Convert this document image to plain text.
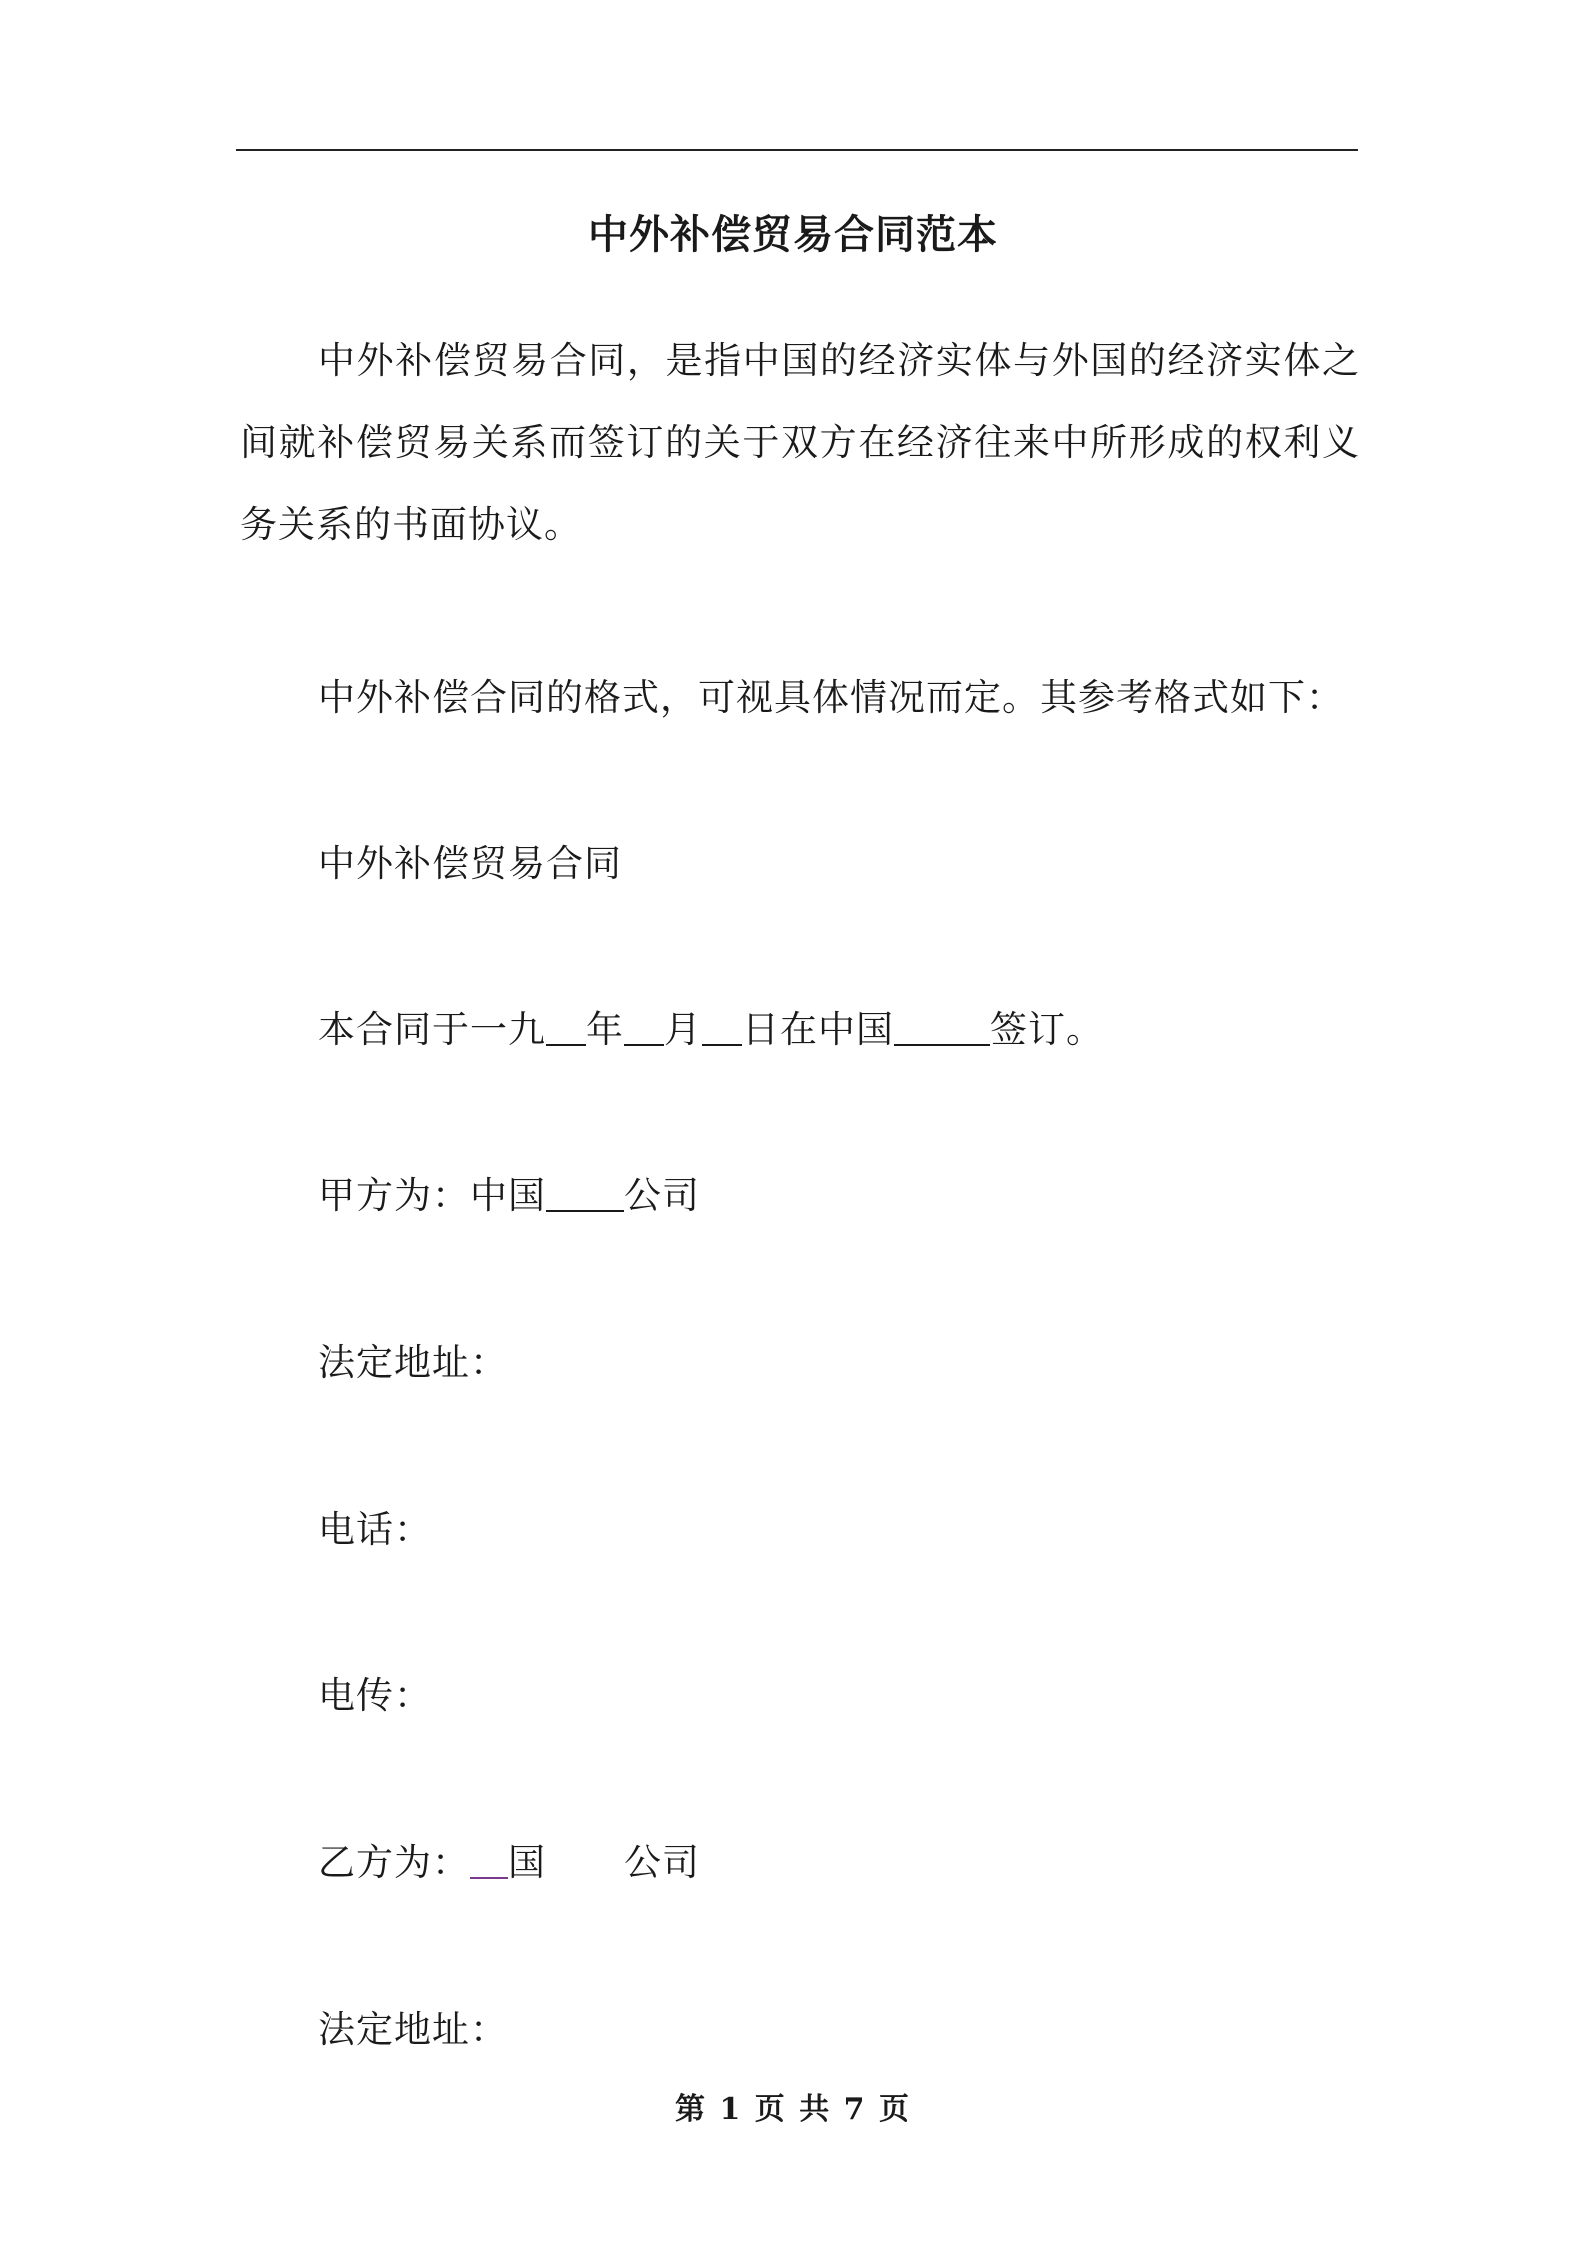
中外补偿贸易合同范本
中外补偿贸易合同，是指中国的经济实体与外国的经济实体之间就补偿贸易关系而签订的关于双方在经济往来中所形成的权利义务关系的书面协议。
中外补偿合同的格式，可视具体情况而定。其参考格式如下：
中外补偿贸易合同
本合同于一九 年 月 日在中国	签订。
甲方为：中国 公司
法定地址：
电话：
电传：
乙方为： 国 公司
法定地址：
第 1 页 共 7 页
